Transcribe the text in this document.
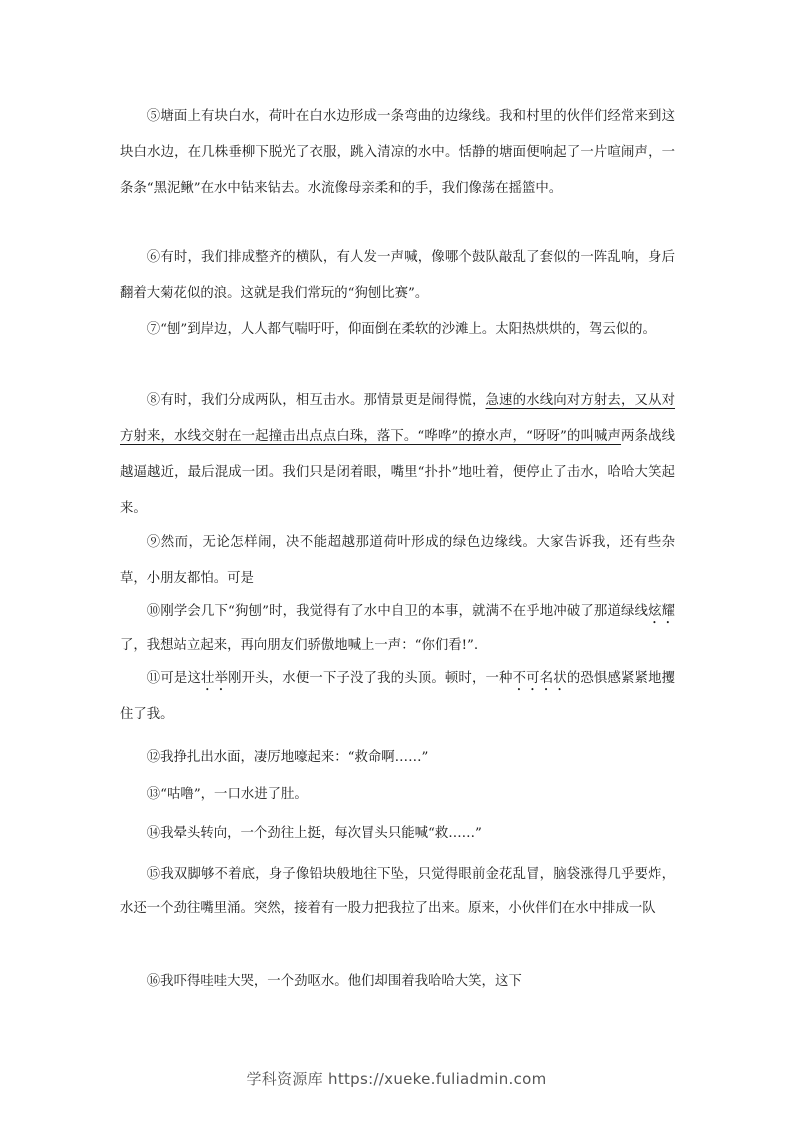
⑤塘面上有块白水，荷叶在白水边形成一条弯曲的边缘线。我和村里的伙伴们经常来到这块白水边，在几株垂柳下脱光了衣服，跳入清凉的水中。恬静的塘面便响起了一片喧闹声，一条条“黑泥鳅”在水中钻来钻去。水流像母亲柔和的手，我们像荡在摇篮中。

⑥有时，我们排成整齐的横队，有人发一声喊，像哪个鼓队敲乱了套似的一阵乱响，身后翻着大菊花似的浪。这就是我们常玩的“狗刨比赛”。

⑦“刨”到岸边，人人都气喘吁吁，仰面倒在柔软的沙滩上。太阳热烘烘的，驾云似的。

⑧有时，我们分成两队，相互击水。那情景更是闹得慌，急速的水线向对方射去，又从对方射来，水线交射在一起撞击出点点白珠，落下。“哗哗”的撩水声，“呀呀”的叫喊声两条战线越逼越近，最后混成一团。我们只是闭着眼，嘴里“扑扑”地吐着，便停止了击水，哈哈大笑起来。

⑨然而，无论怎样闹，决不能超越那道荷叶形成的绿色边缘线。大家告诉我，还有些杂草，小朋友都怕。可是

⑩刚学会几下“狗刨”时，我觉得有了水中自卫的本事，就满不在乎地冲破了那道绿线炫耀了，我想站立起来，再向朋友们骄傲地喊上一声：“你们看!”.

⑪可是这壮举刚开头，水便一下子没了我的头顶。顿时，一种不可名状的恐惧感紧紧地攫住了我。

⑫我挣扎出水面，凄厉地嚎起来：“救命啊……”

⑬“咕噜”，一口水进了肚。

⑭我晕头转向，一个劲往上挺，每次冒头只能喊“救……”

⑮我双脚够不着底，身子像铅块般地往下坠，只觉得眼前金花乱冒，脑袋涨得几乎要炸，水还一个劲往嘴里涌。突然，接着有一股力把我拉了出来。原来，小伙伴们在水中排成一队

⑯我吓得哇哇大哭，一个劲呕水。他们却围着我哈哈大笑，这下

学科资源库 https://xueke.fuliadmin.com
